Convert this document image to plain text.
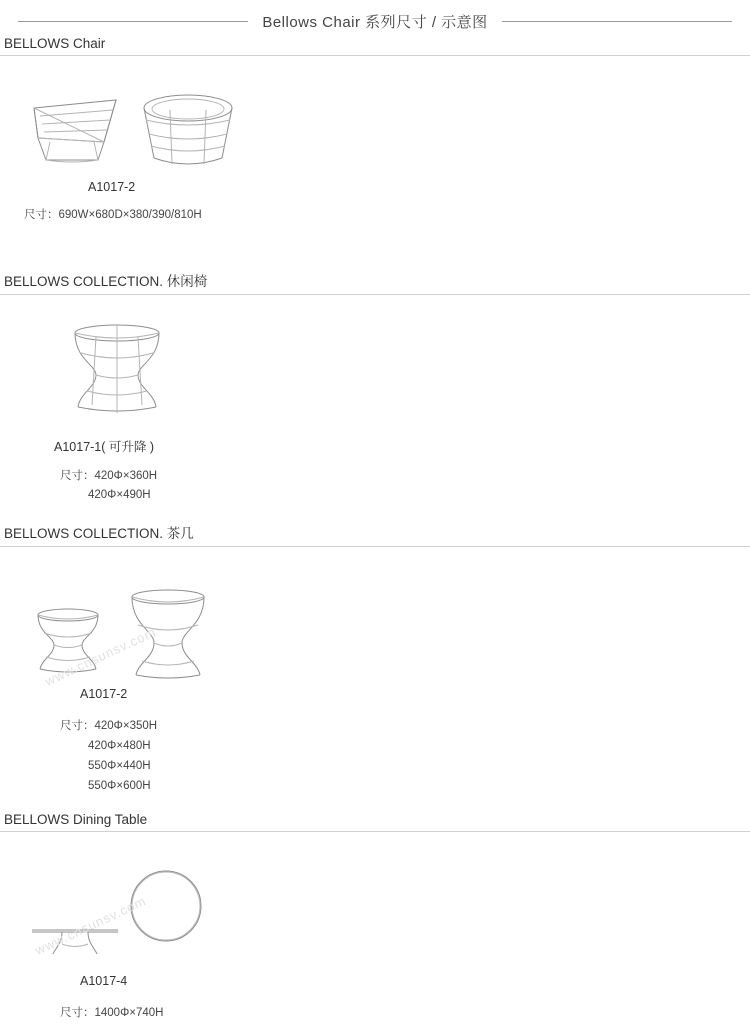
Bellows Chair 系列尺寸 / 示意图
BELLOWS Chair
A1017-2
尺寸：690W×680D×380/390/810H
BELLOWS COLLECTION. 休闲椅
A1017-1( 可升降 )
尺寸：420Φ×360H
420Φ×490H
BELLOWS COLLECTION. 茶几
www.cnsunsv.com
A1017-2
尺寸：420Φ×350H
420Φ×480H
550Φ×440H
550Φ×600H
BELLOWS Dining Table
www.cnsunsv.com
A1017-4
尺寸：1400Φ×740H
